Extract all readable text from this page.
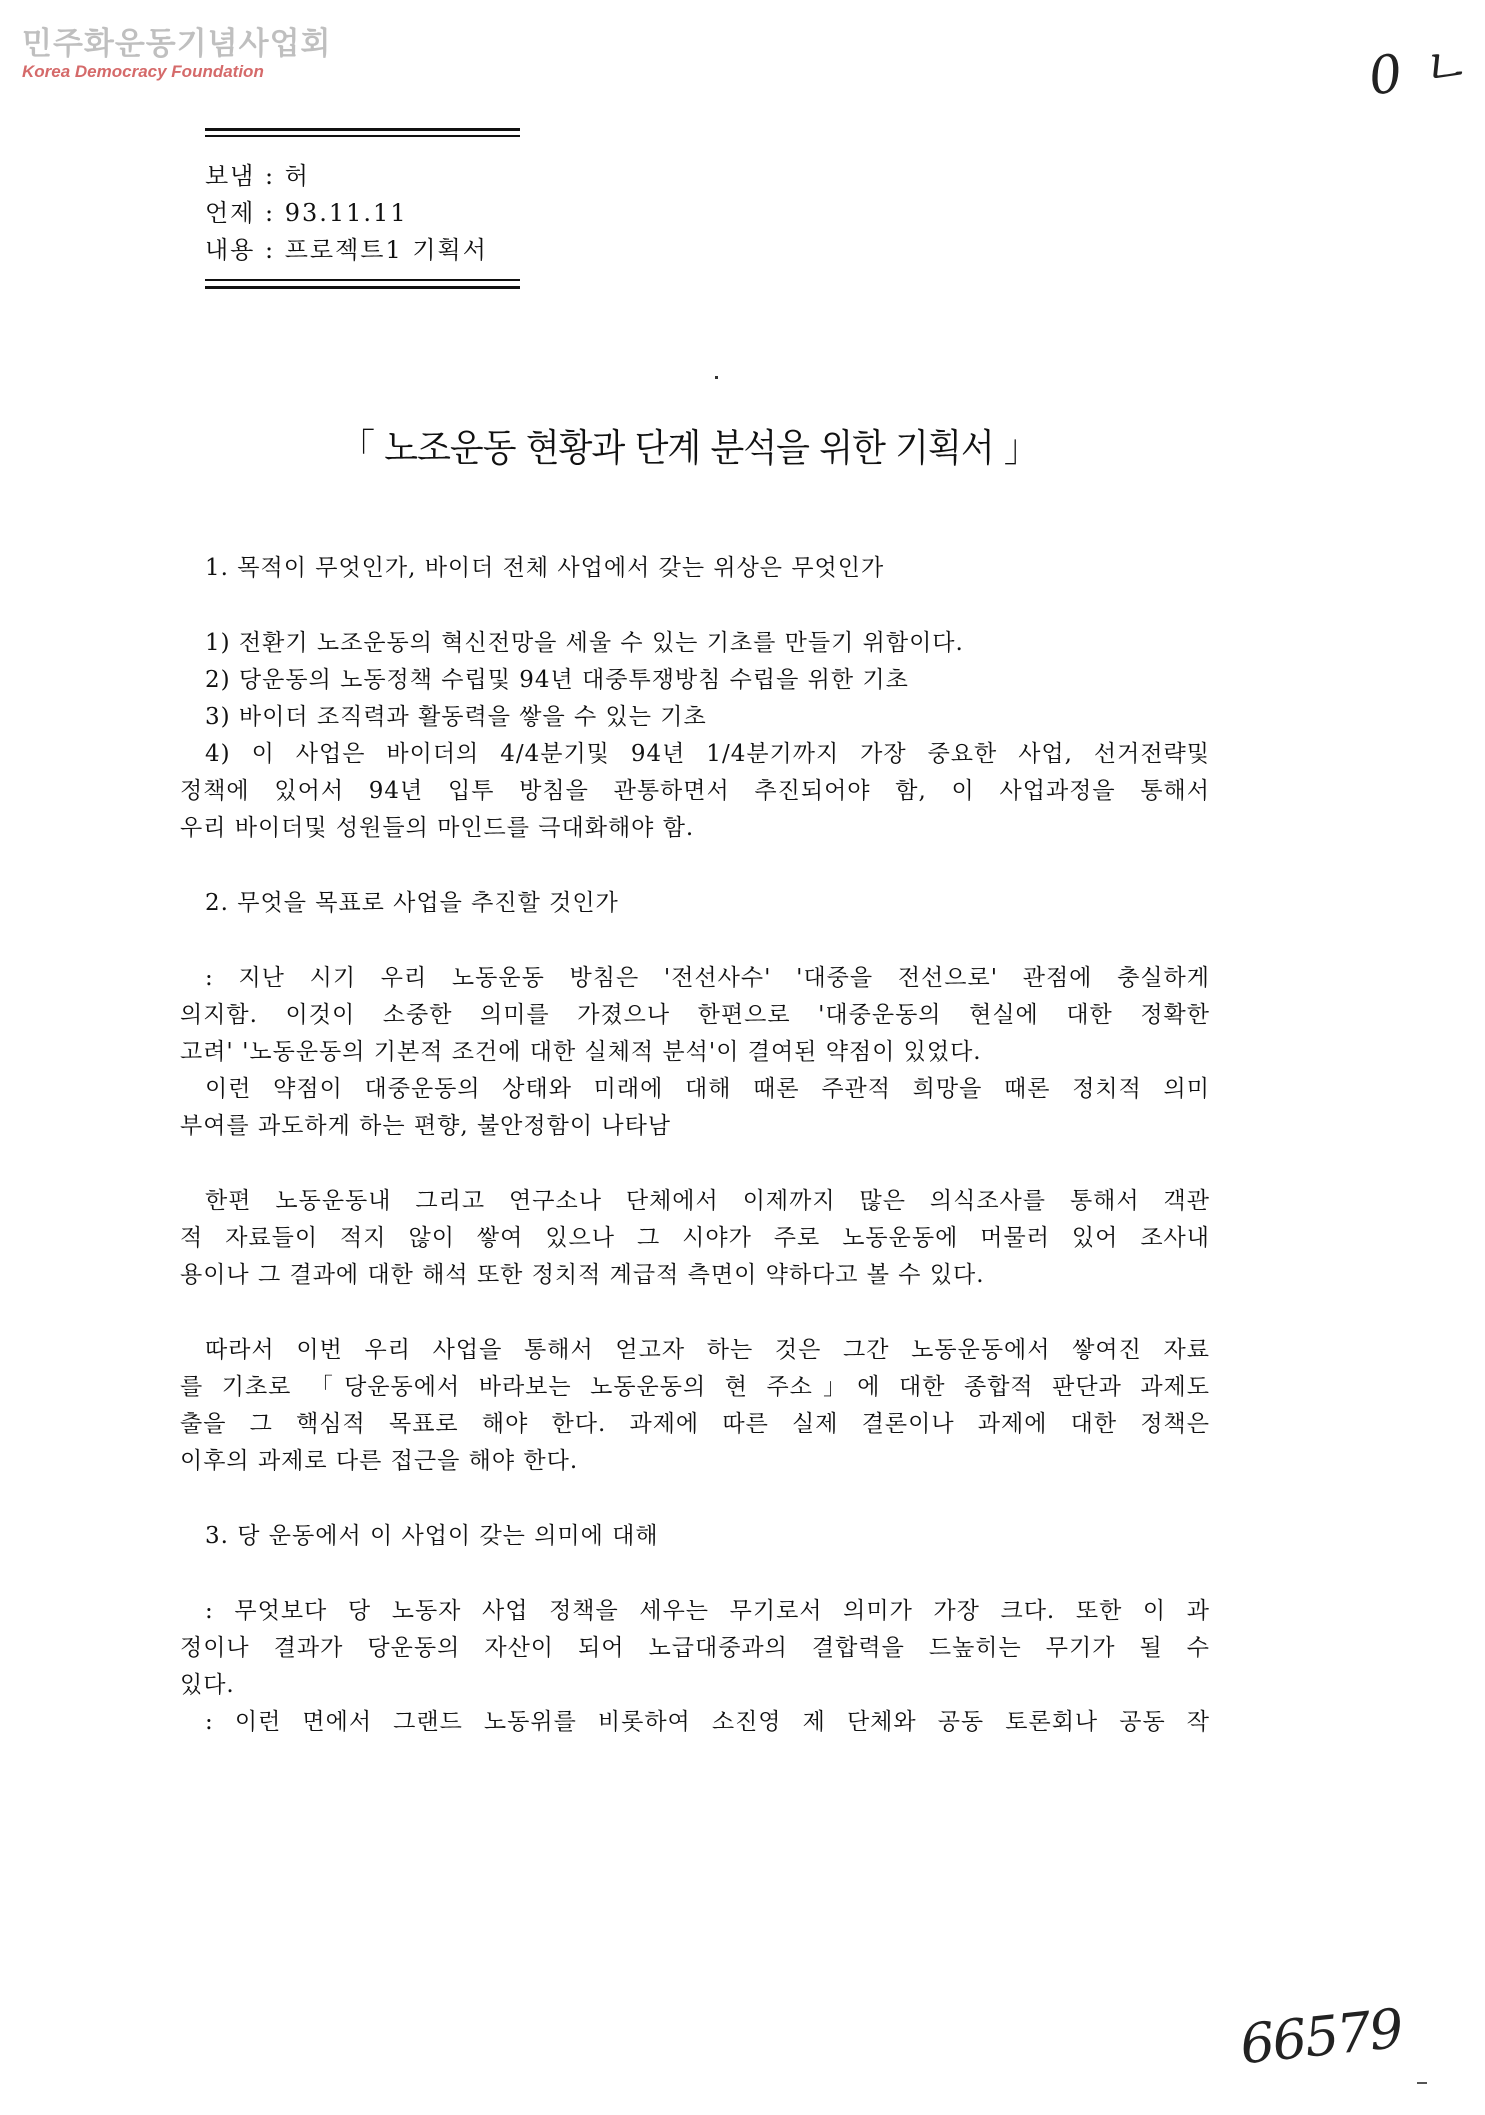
민주화운동기념사업회
Korea Democracy Foundation	0 ㄴ
보냄 : 허
언제 : 93.11.11
내용 : 프로젝트1 기획서
「 노조운동 현황과 단계 분석을 위한 기획서 」
1. 목적이 무엇인가, 바이더 전체 사업에서 갖는 위상은 무엇인가
1) 전환기 노조운동의 혁신전망을 세울 수 있는 기초를 만들기 위함이다.
2) 당운동의 노동정책 수립및 94년 대중투쟁방침 수립을 위한 기초
3) 바이더 조직력과 활동력을 쌓을 수 있는 기초
4) 이 사업은 바이더의 4/4분기및 94년 1/4분기까지 가장 중요한 사업, 선거전략및
정책에 있어서 94년 입투 방침을 관통하면서 추진되어야 함, 이 사업과정을 통해서
우리 바이더및 성원들의 마인드를 극대화해야 함.
2. 무엇을 목표로 사업을 추진할 것인가
: 지난 시기 우리 노동운동 방침은 '전선사수' '대중을 전선으로' 관점에 충실하게
의지함. 이것이 소중한 의미를 가졌으나 한편으로 '대중운동의 현실에 대한 정확한
고려' '노동운동의 기본적 조건에 대한 실체적 분석'이 결여된 약점이 있었다.
이런 약점이 대중운동의 상태와 미래에 대해 때론 주관적 희망을 때론 정치적 의미
부여를 과도하게 하는 편향, 불안정함이 나타남
한편 노동운동내 그리고 연구소나 단체에서 이제까지 많은 의식조사를 통해서 객관
적 자료들이 적지 않이 쌓여 있으나 그 시야가 주로 노동운동에 머물러 있어 조사내
용이나 그 결과에 대한 해석 또한 정치적 계급적 측면이 약하다고 볼 수 있다.
따라서 이번 우리 사업을 통해서 얻고자 하는 것은 그간 노동운동에서 쌓여진 자료
를 기초로 「당운동에서 바라보는 노동운동의 현 주소」에 대한 종합적 판단과 과제도
출을 그 핵심적 목표로 해야 한다. 과제에 따른 실제 결론이나 과제에 대한 정책은
이후의 과제로 다른 접근을 해야 한다.
3. 당 운동에서 이 사업이 갖는 의미에 대해
: 무엇보다 당 노동자 사업 정책을 세우는 무기로서 의미가 가장 크다. 또한 이 과
정이나 결과가 당운동의 자산이 되어 노급대중과의 결합력을 드높히는 무기가 될 수
있다.
: 이런 면에서 그랜드 노동위를 비롯하여 소진영 제 단체와 공동 토론회나 공동 작
66579
